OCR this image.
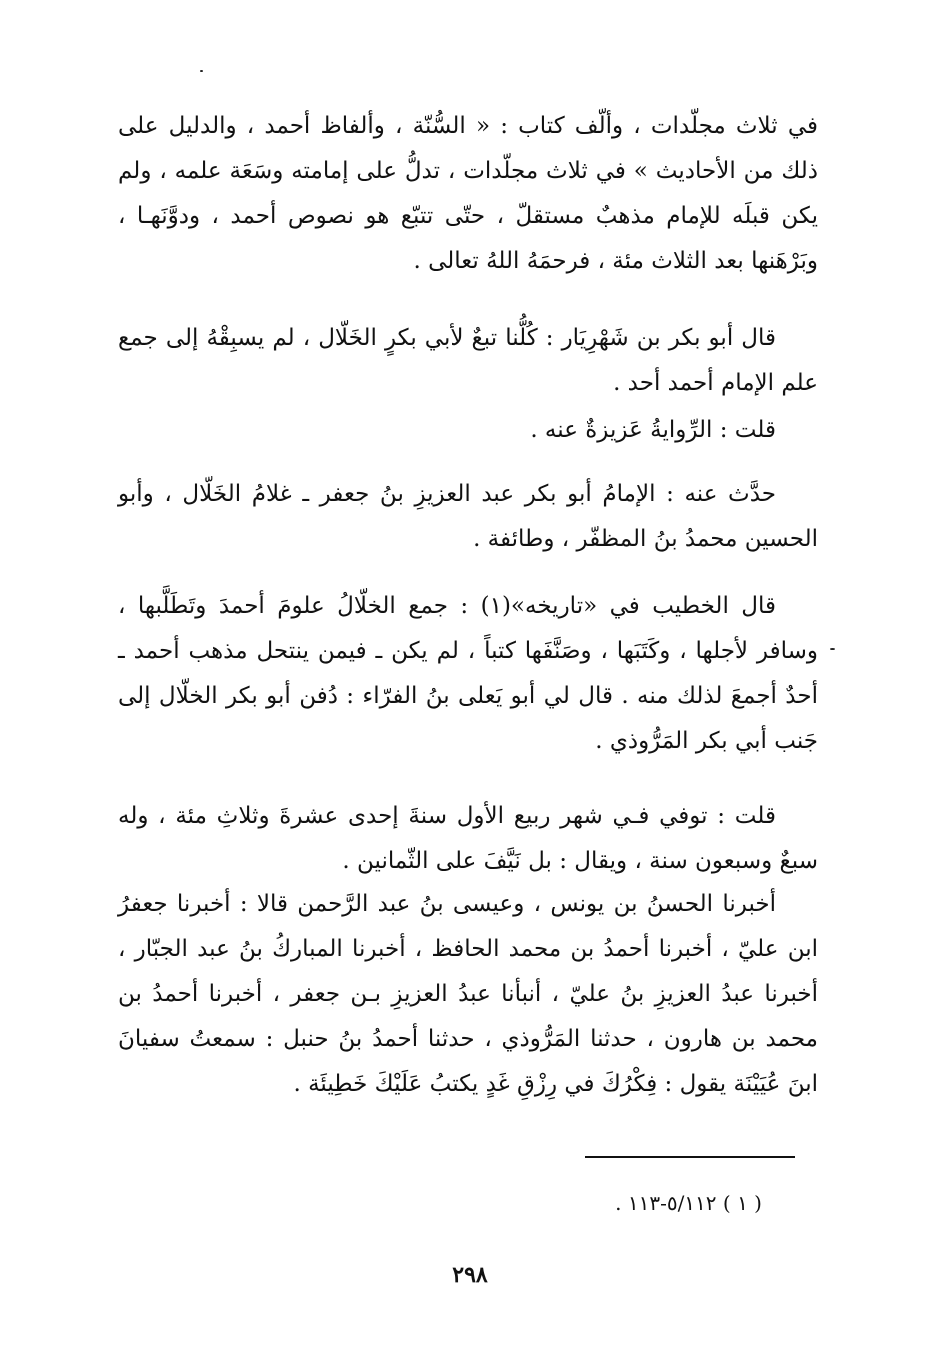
في ثلاث مجلّدات ، وألّف كتاب : « السُّنّة ، وألفاظ أحمد ، والدليل على ذلك من الأحاديث » في ثلاث مجلّدات ، تدلُّ على إمامته وسَعَة علمه ، ولم يكن قبلَه للإمام مذهبٌ مستقلّ ، حتّى تتبّع هو نصوص أحمد ، ودوَّنَهـا ، وبَرْهَنها بعد الثلاث مئة ، فرحمَهُ اللهُ تعالى .

قال أبو بكر بن شَهْرِيَار : كُلُّنا تبعٌ لأبي بكرٍ الخَلّال ، لم يسبِقْهُ إلى جمع علم الإمام أحمد أحد .

قلت : الرِّوايةُ عَزيزةٌ عنه .

حدَّث عنه : الإمامُ أبو بكر عبد العزيزِ بنُ جعفر ـ غلامُ الخَلّال ، وأبو الحسين محمدُ بنُ المظفّر ، وطائفة .

قال الخطيب في «تاريخه»(١) : جمع الخلّالُ علومَ أحمدَ وتَطَلَّبها ، وسافر لأجلها ، وكَتَبَها ، وصَنَّفَها كتباً ، لم يكن ـ فيمن ينتحل مذهب أحمد ـ أحدٌ أجمعَ لذلك منه . قال لي أبو يَعلى بنُ الفرّاء : دُفن أبو بكر الخلّال إلى جَنب أبي بكر المَرُّوذي .

قلت : توفي فـي شهر ربيع الأول سنةَ إحدى عشرةَ وثلاثِ مئة ، وله سبعٌ وسبعون سنة ، ويقال : بل نَيَّفَ على الثّمانين .

أخبرنا الحسنُ بن يونس ، وعيسى بنُ عبد الرَّحمن قالا : أخبرنا جعفرُ ابن عليّ ، أخبرنا أحمدُ بن محمد الحافظ ، أخبرنا المباركُ بنُ عبد الجبّار ، أخبرنا عبدُ العزيزِ بنُ عليّ ، أنبأنا عبدُ العزيزِ بـن جعفر ، أخبرنا أحمدُ بن محمد بن هارون ، حدثنا المَرُّوذي ، حدثنا أحمدُ بنُ حنبل : سمعتُ سفيانَ ابنَ عُيَيْنَة يقول : فِكْرُكَ في رِزْقِ غَدٍ يكتبُ عَلَيْكَ خَطِيئَة .

( ١ ) ٥/١١٢-١١٣ .
٢٩٨
